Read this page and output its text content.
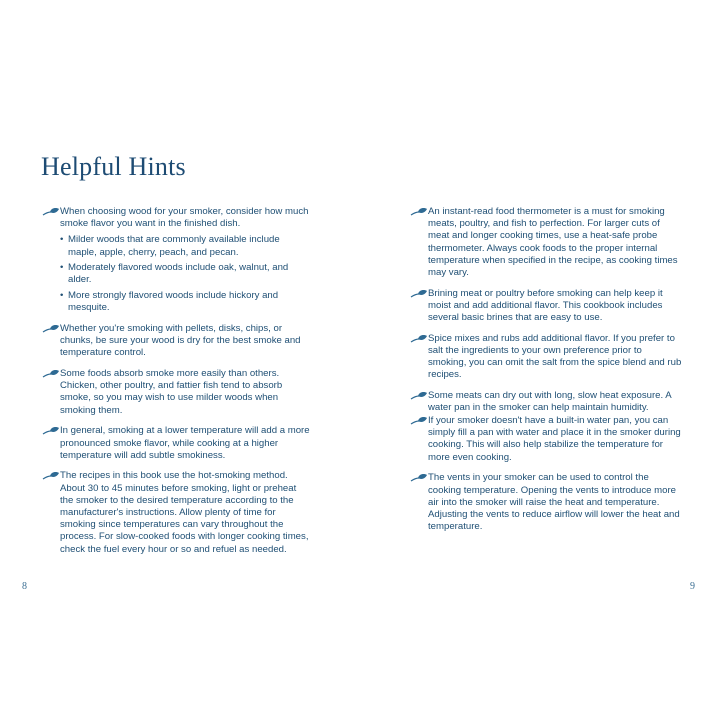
Helpful Hints
When choosing wood for your smoker, consider how much smoke flavor you want in the finished dish.
• Milder woods that are commonly available include maple, apple, cherry, peach, and pecan.
• Moderately flavored woods include oak, walnut, and alder.
• More strongly flavored woods include hickory and mesquite.
Whether you're smoking with pellets, disks, chips, or chunks, be sure your wood is dry for the best smoke and temperature control.
Some foods absorb smoke more easily than others. Chicken, other poultry, and fattier fish tend to absorb smoke, so you may wish to use milder woods when smoking them.
In general, smoking at a lower temperature will add a more pronounced smoke flavor, while cooking at a higher temperature will add subtle smokiness.
The recipes in this book use the hot-smoking method. About 30 to 45 minutes before smoking, light or preheat the smoker to the desired temperature according to the manufacturer's instructions. Allow plenty of time for smoking since temperatures can vary throughout the process. For slow-cooked foods with longer cooking times, check the fuel every hour or so and refuel as needed.
An instant-read food thermometer is a must for smoking meats, poultry, and fish to perfection. For larger cuts of meat and longer cooking times, use a heat-safe probe thermometer. Always cook foods to the proper internal temperature when specified in the recipe, as cooking times may vary.
Brining meat or poultry before smoking can help keep it moist and add additional flavor. This cookbook includes several basic brines that are easy to use.
Spice mixes and rubs add additional flavor. If you prefer to salt the ingredients to your own preference prior to smoking, you can omit the salt from the spice blend and rub recipes.
Some meats can dry out with long, slow heat exposure. A water pan in the smoker can help maintain humidity.
If your smoker doesn't have a built-in water pan, you can simply fill a pan with water and place it in the smoker during cooking. This will also help stabilize the temperature for more even cooking.
The vents in your smoker can be used to control the cooking temperature. Opening the vents to introduce more air into the smoker will raise the heat and temperature. Adjusting the vents to reduce airflow will lower the heat and temperature.
8	9
